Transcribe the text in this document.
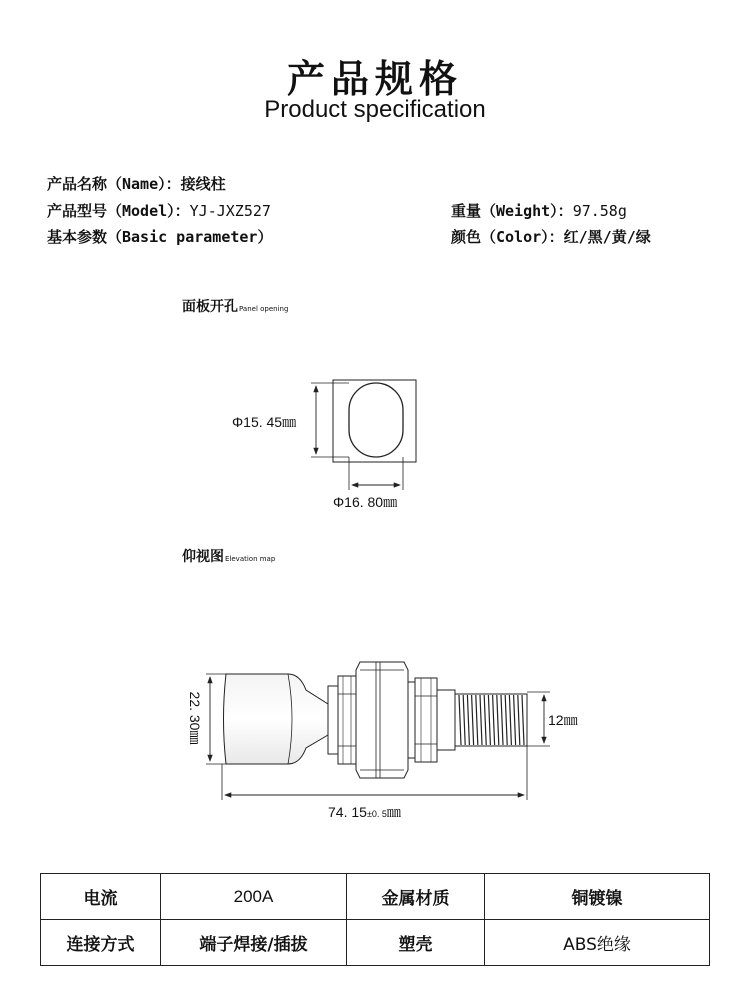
产品规格
Product specification
产品名称（Name）：接线柱
产品型号（Model）：YJ-JXZ527
基本参数（Basic parameter）
重量（Weight）：97.58g
颜色（Color）：红/黑/黄/绿
面板开孔Panel opening
仰视图Elevation map
Φ15. 45㎜
Φ16. 80㎜
22. 30㎜	12㎜
74. 15±0. 5㎜
电流	200A	金属材质	铜镀镍
连接方式	端子焊接/插拔	塑壳	ABS绝缘
